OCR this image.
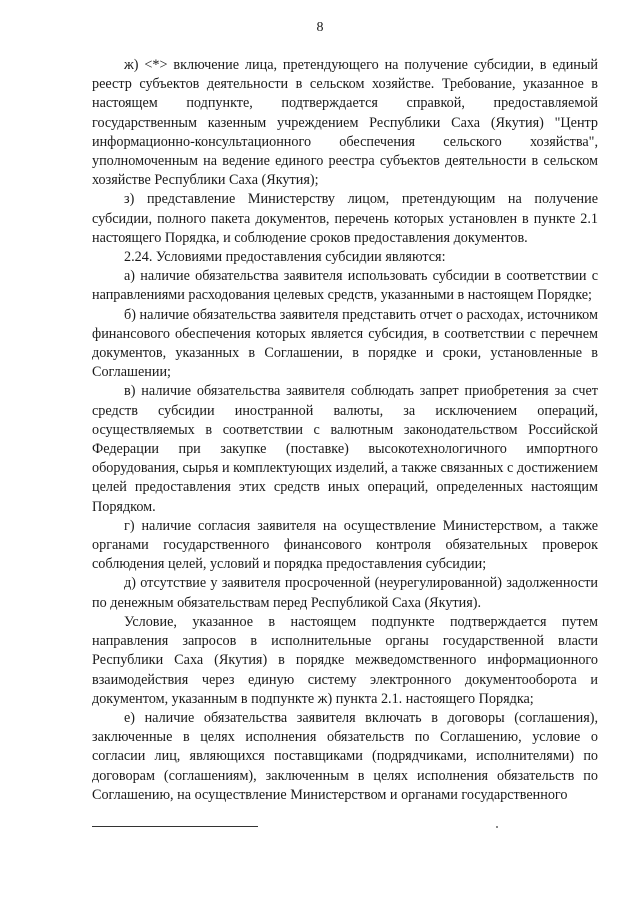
8

ж) <*> включение лица, претендующего на получение субсидии, в единый реестр субъектов деятельности в сельском хозяйстве. Требование, указанное в настоящем подпункте, подтверждается справкой, предоставляемой государственным казенным учреждением Республики Саха (Якутия) "Центр информационно-консультационного обеспечения сельского хозяйства", уполномоченным на ведение единого реестра субъектов деятельности в сельском хозяйстве Республики Саха (Якутия);

з) представление Министерству лицом, претендующим на получение субсидии, полного пакета документов, перечень которых установлен в пункте 2.1 настоящего Порядка, и соблюдение сроков предоставления документов.

2.24. Условиями предоставления субсидии являются:

а) наличие обязательства заявителя использовать субсидии в соответствии с направлениями расходования целевых средств, указанными в настоящем Порядке;

б) наличие обязательства заявителя представить отчет о расходах, источником финансового обеспечения которых является субсидия, в соответствии с перечнем документов, указанных в Соглашении, в порядке и сроки, установленные в Соглашении;

в) наличие обязательства заявителя соблюдать запрет приобретения за счет средств субсидии иностранной валюты, за исключением операций, осуществляемых в соответствии с валютным законодательством Российской Федерации при закупке (поставке) высокотехнологичного импортного оборудования, сырья и комплектующих изделий, а также связанных с достижением целей предоставления этих средств иных операций, определенных настоящим Порядком.

г) наличие согласия заявителя на осуществление Министерством, а также органами государственного финансового контроля обязательных проверок соблюдения целей, условий и порядка предоставления субсидии;

д) отсутствие у заявителя просроченной (неурегулированной) задолженности по денежным обязательствам перед Республикой Саха (Якутия).

Условие, указанное в настоящем подпункте подтверждается путем направления запросов в исполнительные органы государственной власти Республики Саха (Якутия) в порядке межведомственного информационного взаимодействия через единую систему электронного документооборота и документом, указанным в подпункте ж) пункта 2.1. настоящего Порядка;

е) наличие обязательства заявителя включать в договоры (соглашения), заключенные в целях исполнения обязательств по Соглашению, условие о согласии лиц, являющихся поставщиками (подрядчиками, исполнителями) по договорам (соглашениям), заключенным в целях исполнения обязательств по Соглашению, на осуществление Министерством и органами государственного
